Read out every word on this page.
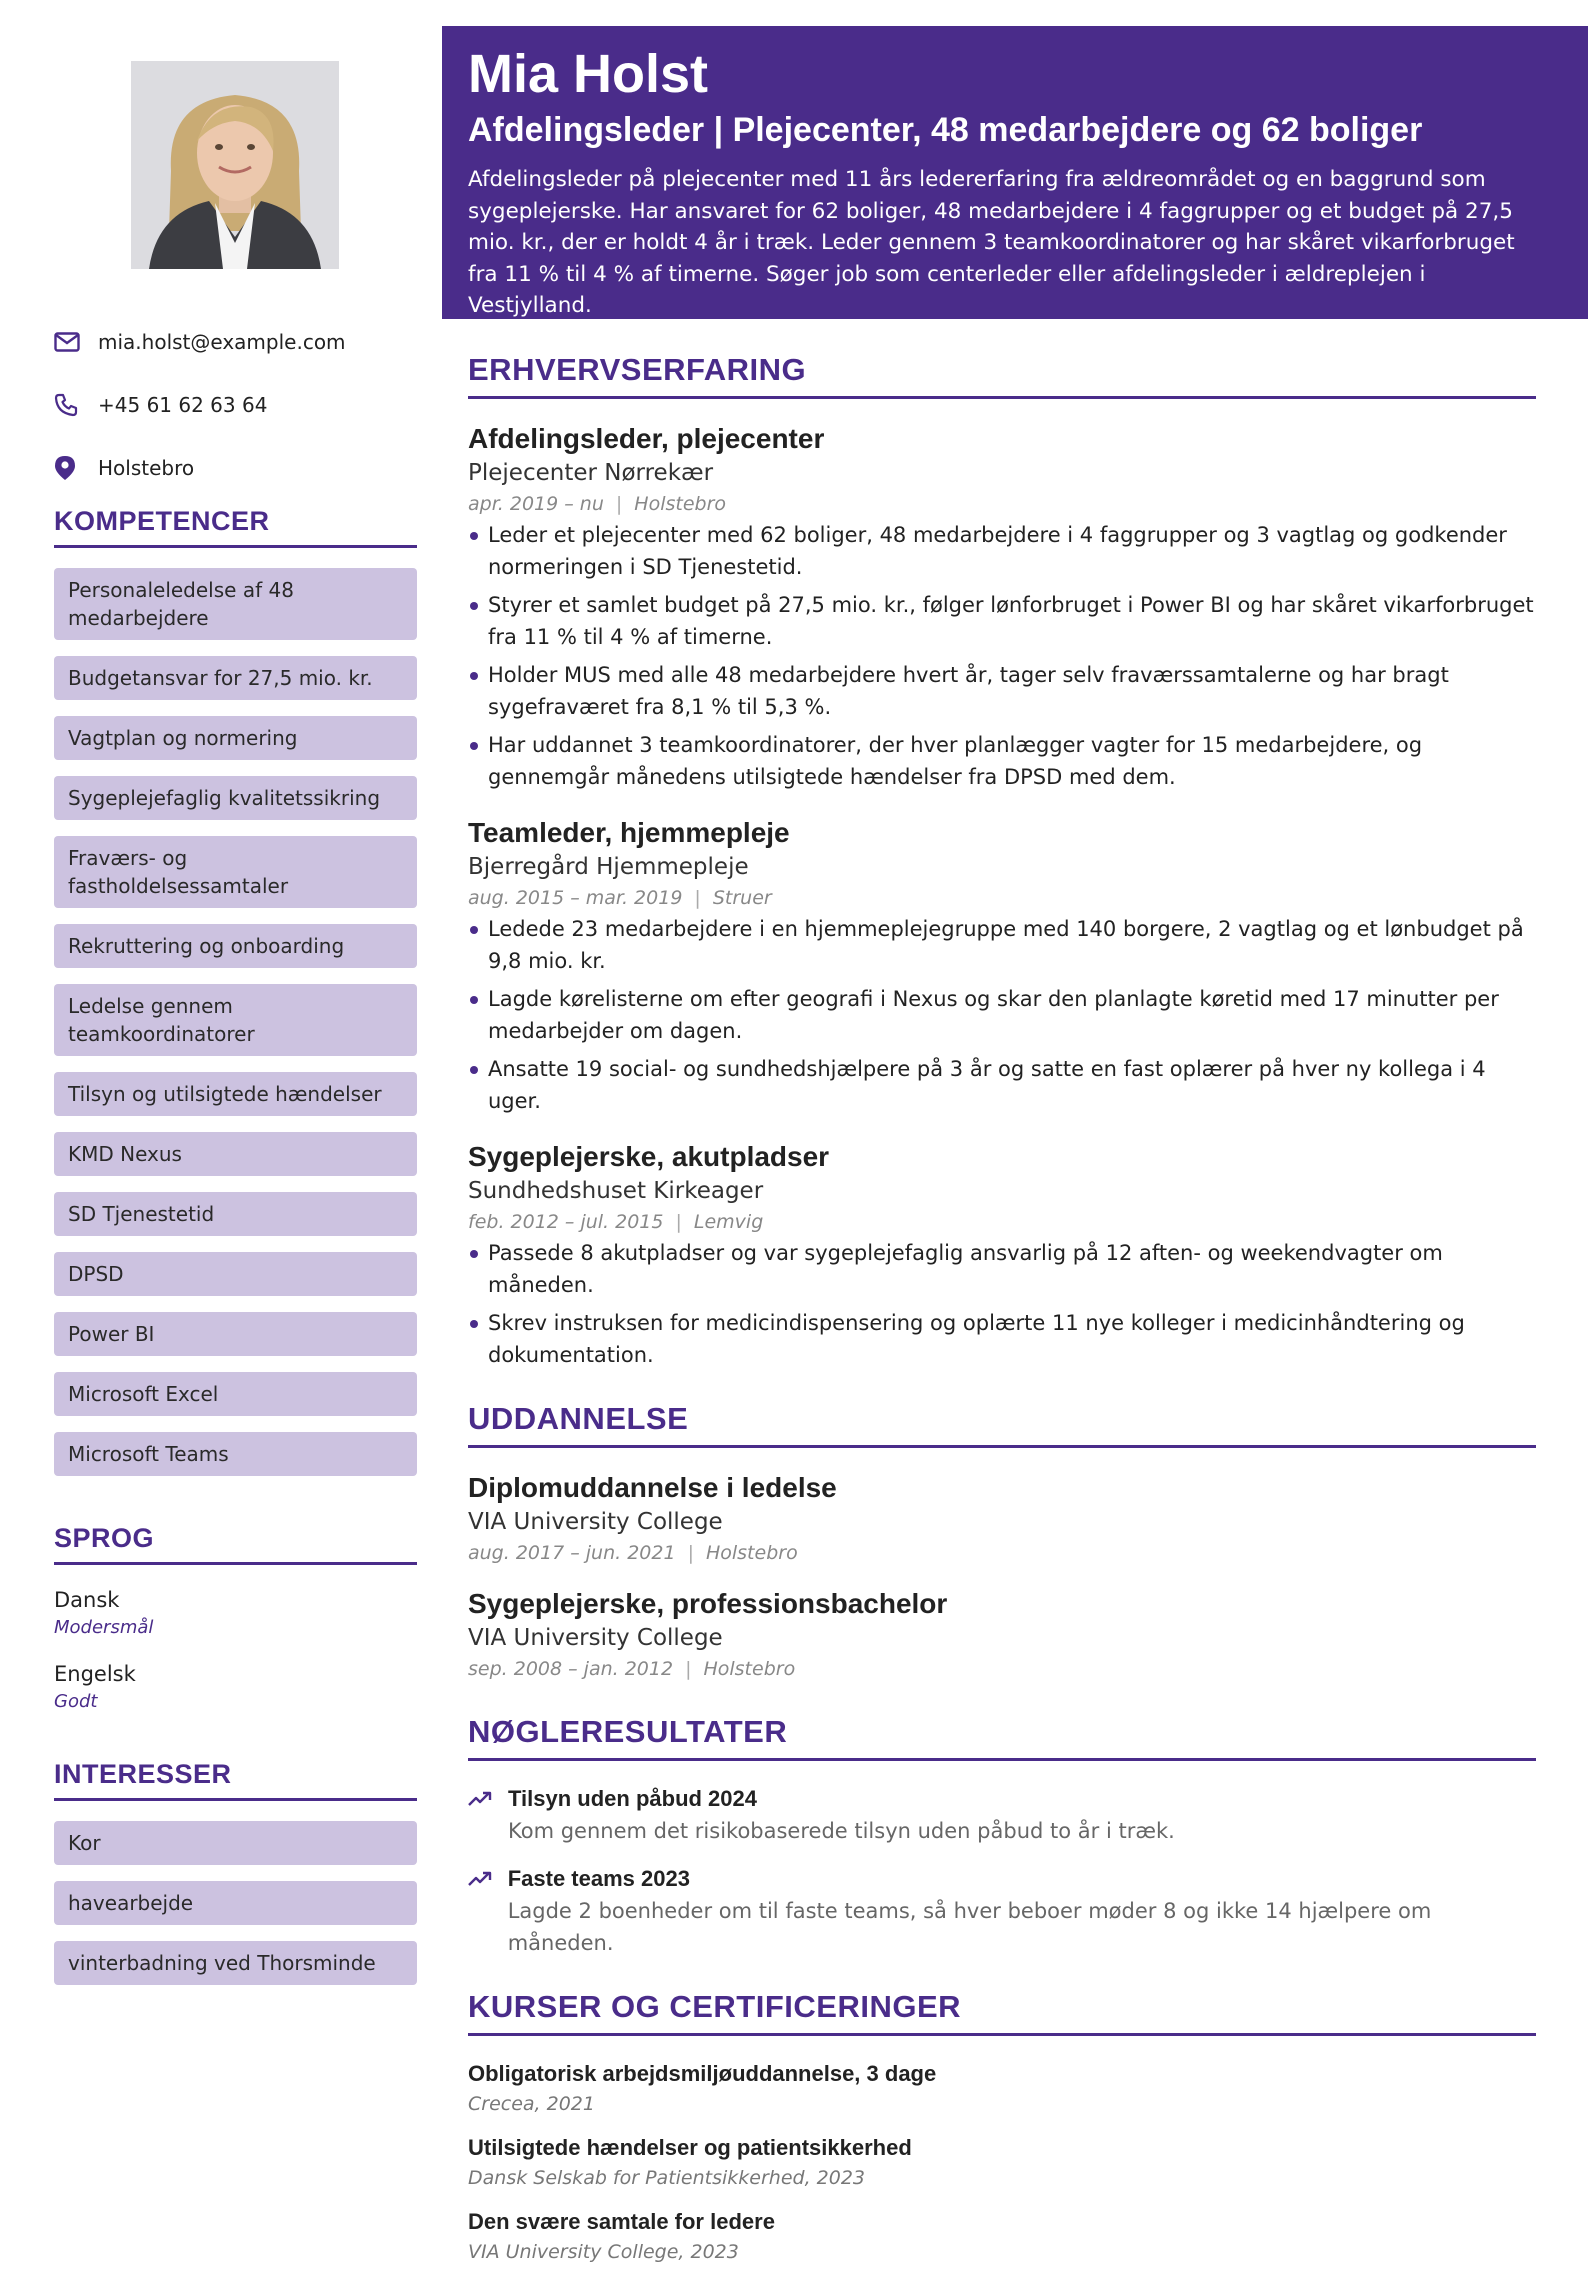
mia.holst@example.com
+45 61 62 63 64
Holstebro
KOMPETENCER
Personaleledelse af 48 medarbejdere
Budgetansvar for 27,5 mio. kr.
Vagtplan og normering
Sygeplejefaglig kvalitetssikring
Fraværs- og fastholdelsessamtaler
Rekruttering og onboarding
Ledelse gennem teamkoordinatorer
Tilsyn og utilsigtede hændelser
KMD Nexus
SD Tjenestetid
DPSD
Power BI
Microsoft Excel
Microsoft Teams
SPROG
Dansk
Modersmål
Engelsk
Godt
INTERESSER
Kor
havearbejde
vinterbadning ved Thorsminde
Mia Holst
Afdelingsleder | Plejecenter, 48 medarbejdere og 62 boliger

Afdelingsleder på plejecenter med 11 års ledererfaring fra ældreområdet og en baggrund som sygeplejerske. Har ansvaret for 62 boliger, 48 medarbejdere i 4 faggrupper og et budget på 27,5 mio. kr., der er holdt 4 år i træk. Leder gennem 3 teamkoordinatorer og har skåret vikarforbruget fra 11 % til 4 % af timerne. Søger job som centerleder eller afdelingsleder i ældreplejen i Vestjylland.

ERHVERVSERFARING
Afdelingsleder, plejecenter
Plejecenter Nørrekær
apr. 2019 – nu | Holstebro
Leder et plejecenter med 62 boliger, 48 medarbejdere i 4 faggrupper og 3 vagtlag og godkender normeringen i SD Tjenestetid.
Styrer et samlet budget på 27,5 mio. kr., følger lønforbruget i Power BI og har skåret vikarforbruget fra 11 % til 4 % af timerne.
Holder MUS med alle 48 medarbejdere hvert år, tager selv fraværssamtalerne og har bragt sygefraværet fra 8,1 % til 5,3 %.
Har uddannet 3 teamkoordinatorer, der hver planlægger vagter for 15 medarbejdere, og gennemgår månedens utilsigtede hændelser fra DPSD med dem.
Teamleder, hjemmepleje
Bjerregård Hjemmepleje
aug. 2015 – mar. 2019 | Struer
Ledede 23 medarbejdere i en hjemmeplejegruppe med 140 borgere, 2 vagtlag og et lønbudget på 9,8 mio. kr.
Lagde kørelisterne om efter geografi i Nexus og skar den planlagte køretid med 17 minutter per medarbejder om dagen.
Ansatte 19 social- og sundhedshjælpere på 3 år og satte en fast oplærer på hver ny kollega i 4 uger.
Sygeplejerske, akutpladser
Sundhedshuset Kirkeager
feb. 2012 – jul. 2015 | Lemvig
Passede 8 akutpladser og var sygeplejefaglig ansvarlig på 12 aften- og weekendvagter om måneden.
Skrev instruksen for medicindispensering og oplærte 11 nye kolleger i medicinhåndtering og dokumentation.
UDDANNELSE
Diplomuddannelse i ledelse
VIA University College
aug. 2017 – jun. 2021 | Holstebro
Sygeplejerske, professionsbachelor
VIA University College
sep. 2008 – jan. 2012 | Holstebro
NØGLERESULTATER
Tilsyn uden påbud 2024
Kom gennem det risikobaserede tilsyn uden påbud to år i træk.
Faste teams 2023
Lagde 2 boenheder om til faste teams, så hver beboer møder 8 og ikke 14 hjælpere om måneden.
KURSER OG CERTIFICERINGER
Obligatorisk arbejdsmiljøuddannelse, 3 dage
Crecea, 2021
Utilsigtede hændelser og patientsikkerhed
Dansk Selskab for Patientsikkerhed, 2023
Den svære samtale for ledere
VIA University College, 2023
